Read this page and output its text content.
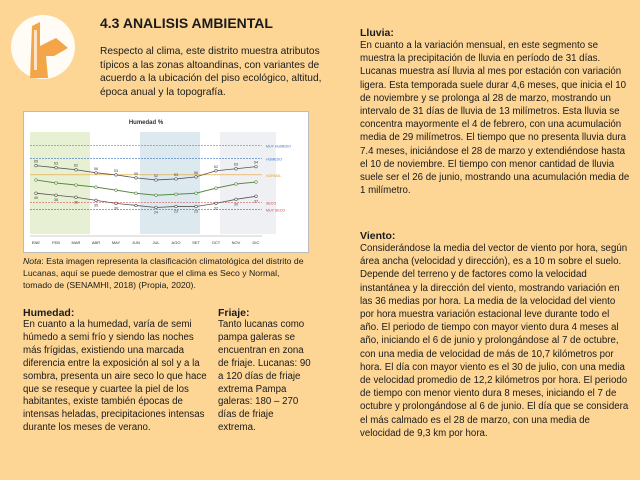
4.3 ANALISIS AMBIENTAL
Respecto al clima, este distrito muestra atributos típicos a las zonas altoandinas, con variantes de acuerdo a la ubicación del piso ecológico, altitud, época anual y la topografía.
Humedad %
MUY HUMEDO
HUMEDO
NORMAL
SECO
MUY SECO
65
63
62
56
53
55
52	53
56
62
63
64
40
38
36
35
30
24	23	23
32
30
37
ENE	FEB	MAR	ABR	MAY	JUN	JUL	AGO	SET	OCT	NOV	DIC
Nota: Esta imagen representa la clasificación climatológica del distrito de Lucanas, aquí se puede demostrar que el clima es Seco y Normal, tomado de (SENAMHI, 2018) (Propia, 2020).
Humedad:
En cuanto a la humedad, varía de semi húmedo a semi frío y siendo las noches más frígidas, existiendo una marcada diferencia entre la exposición al sol y a la sombra, presenta un aire seco lo que hace que se reseque y cuartee la piel de los habitantes, existe también épocas de intensas heladas, precipitaciones intensas durante los meses de verano.
Friaje:
Tanto lucanas como pampa galeras se encuentran en zona de friaje. Lucanas: 90 a 120 días de friaje extrema Pampa galeras: 180 – 270 días de friaje extrema.
Lluvia:
En cuanto a la variación mensual, en este segmento se muestra la precipitación de lluvia en período de 31 días. Lucanas muestra así lluvia al mes por estación con variación ligera. Esta temporada suele durar 4,6 meses, que inicia el 10 de noviembre y se prolonga al 28 de marzo, mostrando un intervalo de 31 días de lluvia de 13 milímetros. Esta lluvia se concentra mayormente el 4 de febrero, con una acumulación media de 29 milímetros. El tiempo que no presenta lluvia dura 7.4 meses, iniciándose el 28 de marzo y extendiéndose hasta el 10 de noviembre. El tiempo con menor cantidad de lluvia suele ser el 26 de junio, mostrando una acumulación media de 1 milímetro.
Viento:
Considerándose la media del vector de viento por hora, según área ancha (velocidad y dirección), es a 10 m sobre el suelo. Depende del terreno y de factores como la velocidad instantánea y la dirección del viento, mostrando variación en las 36 medias por hora. La media de la velocidad del viento por hora muestra variación estacional leve durante todo el año. El periodo de tiempo con mayor viento dura 4 meses al año, iniciando el 6 de junio y prolongándose al 7 de octubre, con una media de velocidad de más de 10,7 kilómetros por hora. El día con mayor viento es el 30 de julio, con una media de velocidad promedio de 12,2 kilómetros por hora. El periodo de tiempo con menor viento dura 8 meses, iniciando el 7 de octubre y prolongándose al 6 de junio. El día que se considera el más calmado es el 28 de marzo, con una media de velocidad de 9,3 km por hora.
